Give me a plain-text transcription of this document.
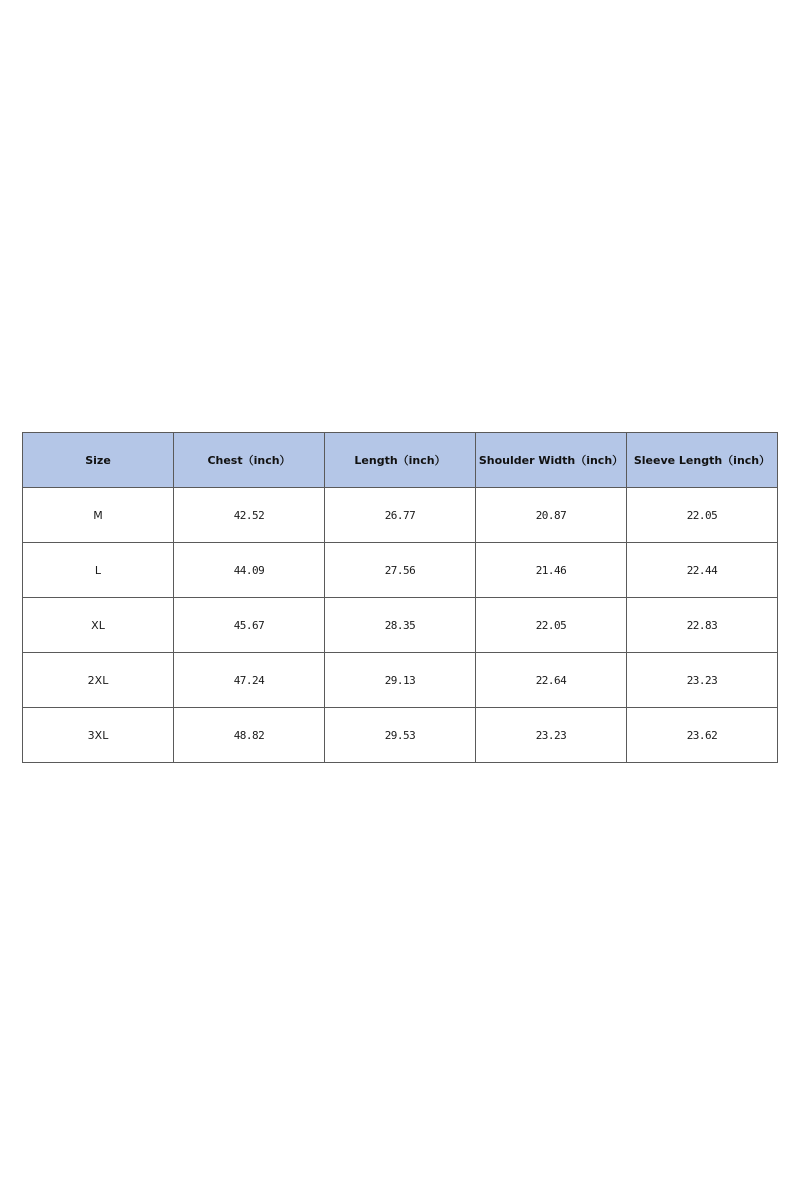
Size	Chest（inch）	Length（inch）	Shoulder Width（inch）	Sleeve Length（inch）
M	42.52	26.77	20.87	22.05
L	44.09	27.56	21.46	22.44
XL	45.67	28.35	22.05	22.83
2XL	47.24	29.13	22.64	23.23
3XL	48.82	29.53	23.23	23.62
